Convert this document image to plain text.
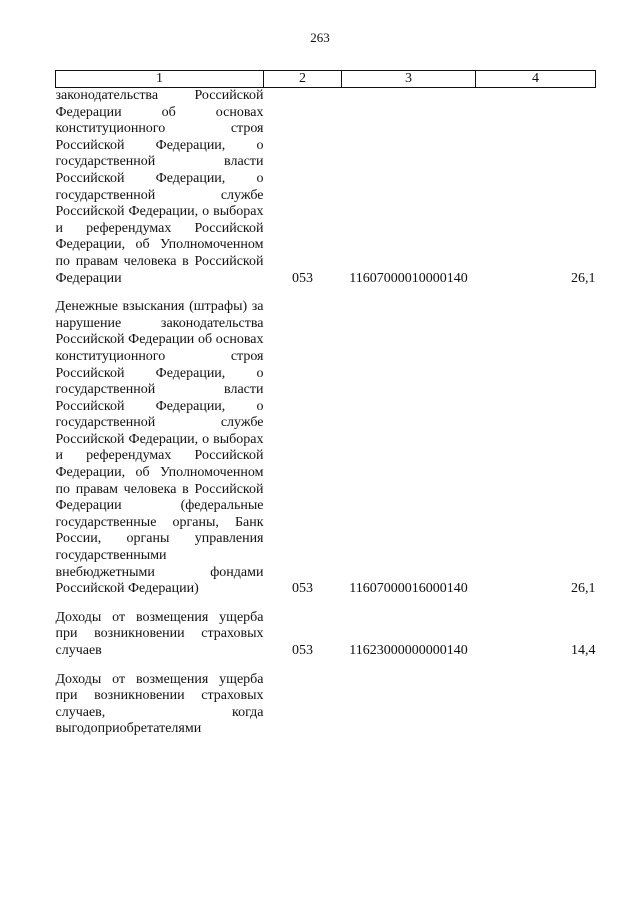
263
1	2	3	4
законодательства Российской Федерации об основах конституционного строя Российской Федерации, о государственной власти Российской Федерации, о государственной службе Российской Федерации, о выборах и референдумах Российской Федерации, об Уполномоченном по правам человека в Российской Федерации	053	11607000010000140	26,1

Денежные взыскания (штрафы) за нарушение законодательства Российской Федерации об основах конституционного строя Российской Федерации, о государственной власти Российской Федерации, о государственной службе Российской Федерации, о выборах и референдумах Российской Федерации, об Уполномоченном по правам человека в Российской Федерации (федеральные государственные органы, Банк России, органы управления государственными внебюджетными фондами Российской Федерации)	053	11607000016000140	26,1

Доходы от возмещения ущерба при возникновении страховых случаев	053	11623000000000140	14,4

Доходы от возмещения ущерба при возникновении страховых случаев, когда выгодоприобретателями			
